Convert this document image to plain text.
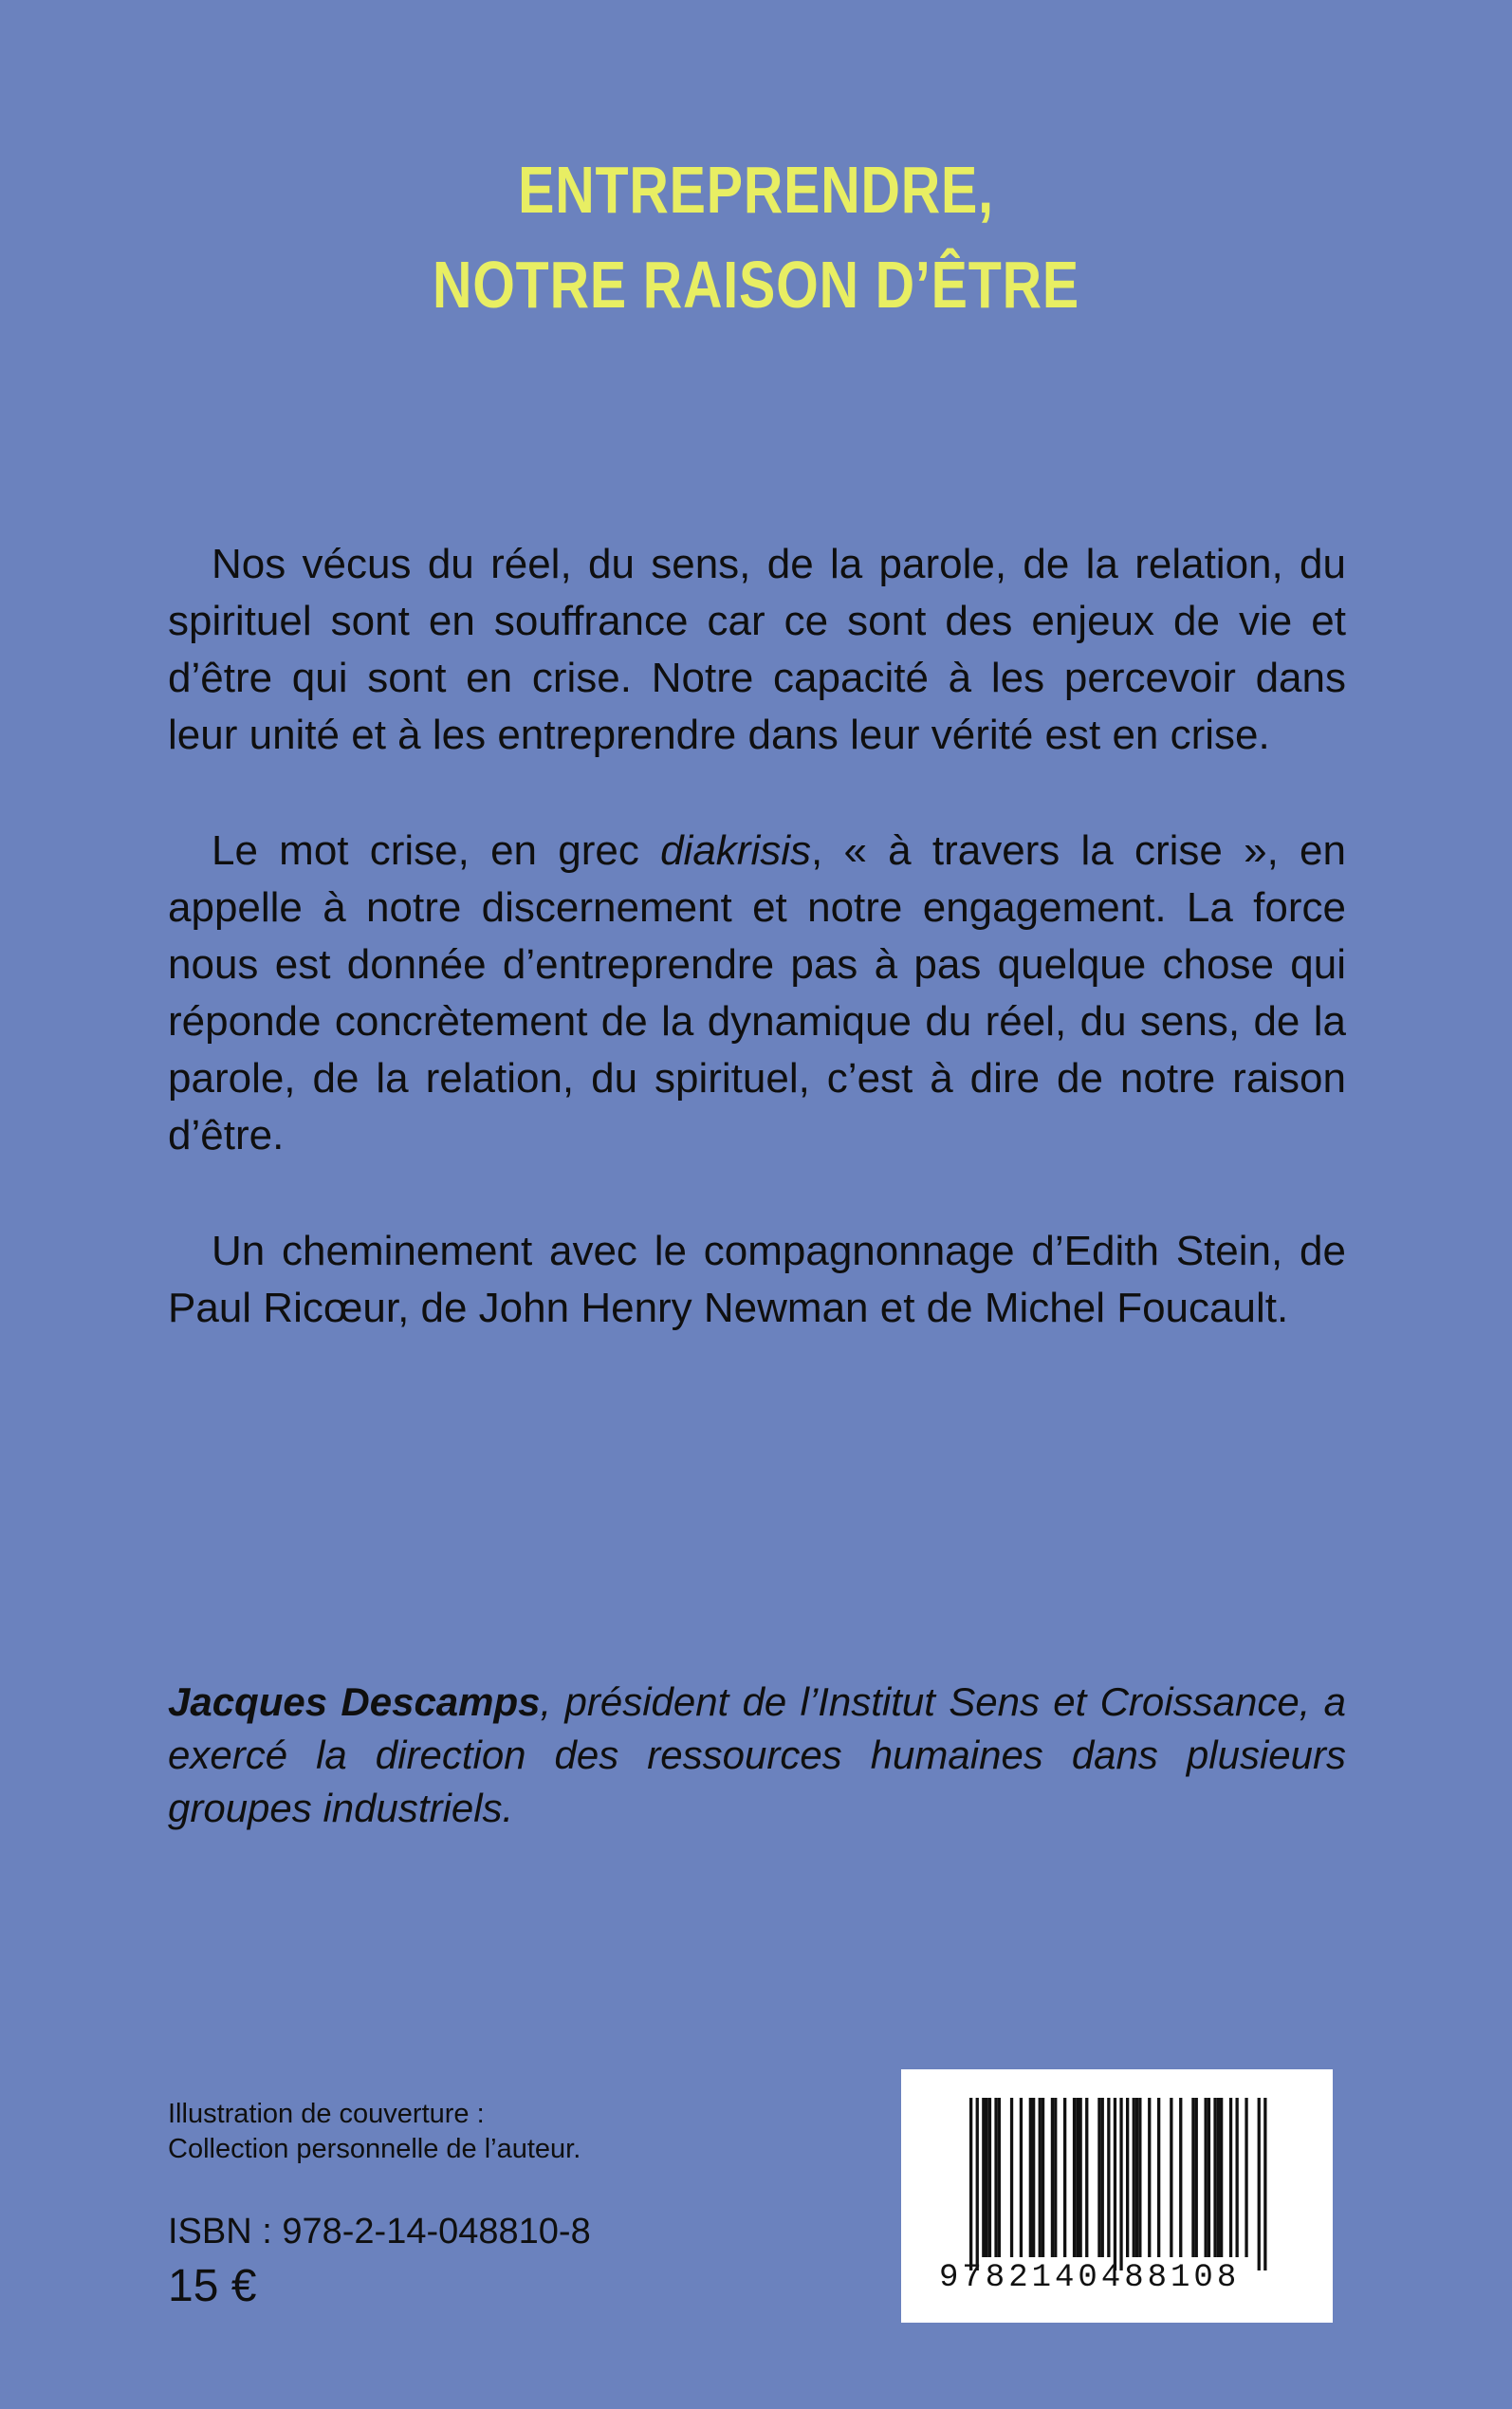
ENTREPRENDRE,
NOTRE RAISON D’ÊTRE

Nos vécus du réel, du sens, de la parole, de la relation, du spirituel sont en souffrance car ce sont des enjeux de vie et d’être qui sont en crise. Notre capacité à les percevoir dans leur unité et à les entreprendre dans leur vérité est en crise.

Le mot crise, en grec diakrisis, « à travers la crise », en appelle à notre discernement et notre engagement. La force nous est donnée d’entreprendre pas à pas quelque chose qui réponde concrètement de la dynamique du réel, du sens, de la parole, de la relation, du spirituel, c’est à dire de notre raison d’être.

Un cheminement avec le compagnonnage d’Edith Stein, de Paul Ricœur, de John Henry Newman et de Michel Foucault.

Jacques Descamps, président de l’Institut Sens et Croissance, a exercé la direction des ressources humaines dans plusieurs groupes industriels.
Illustration de couverture :
Collection personnelle de l’auteur.
ISBN : 978-2-14-048810-8
15 €	9782140488108
